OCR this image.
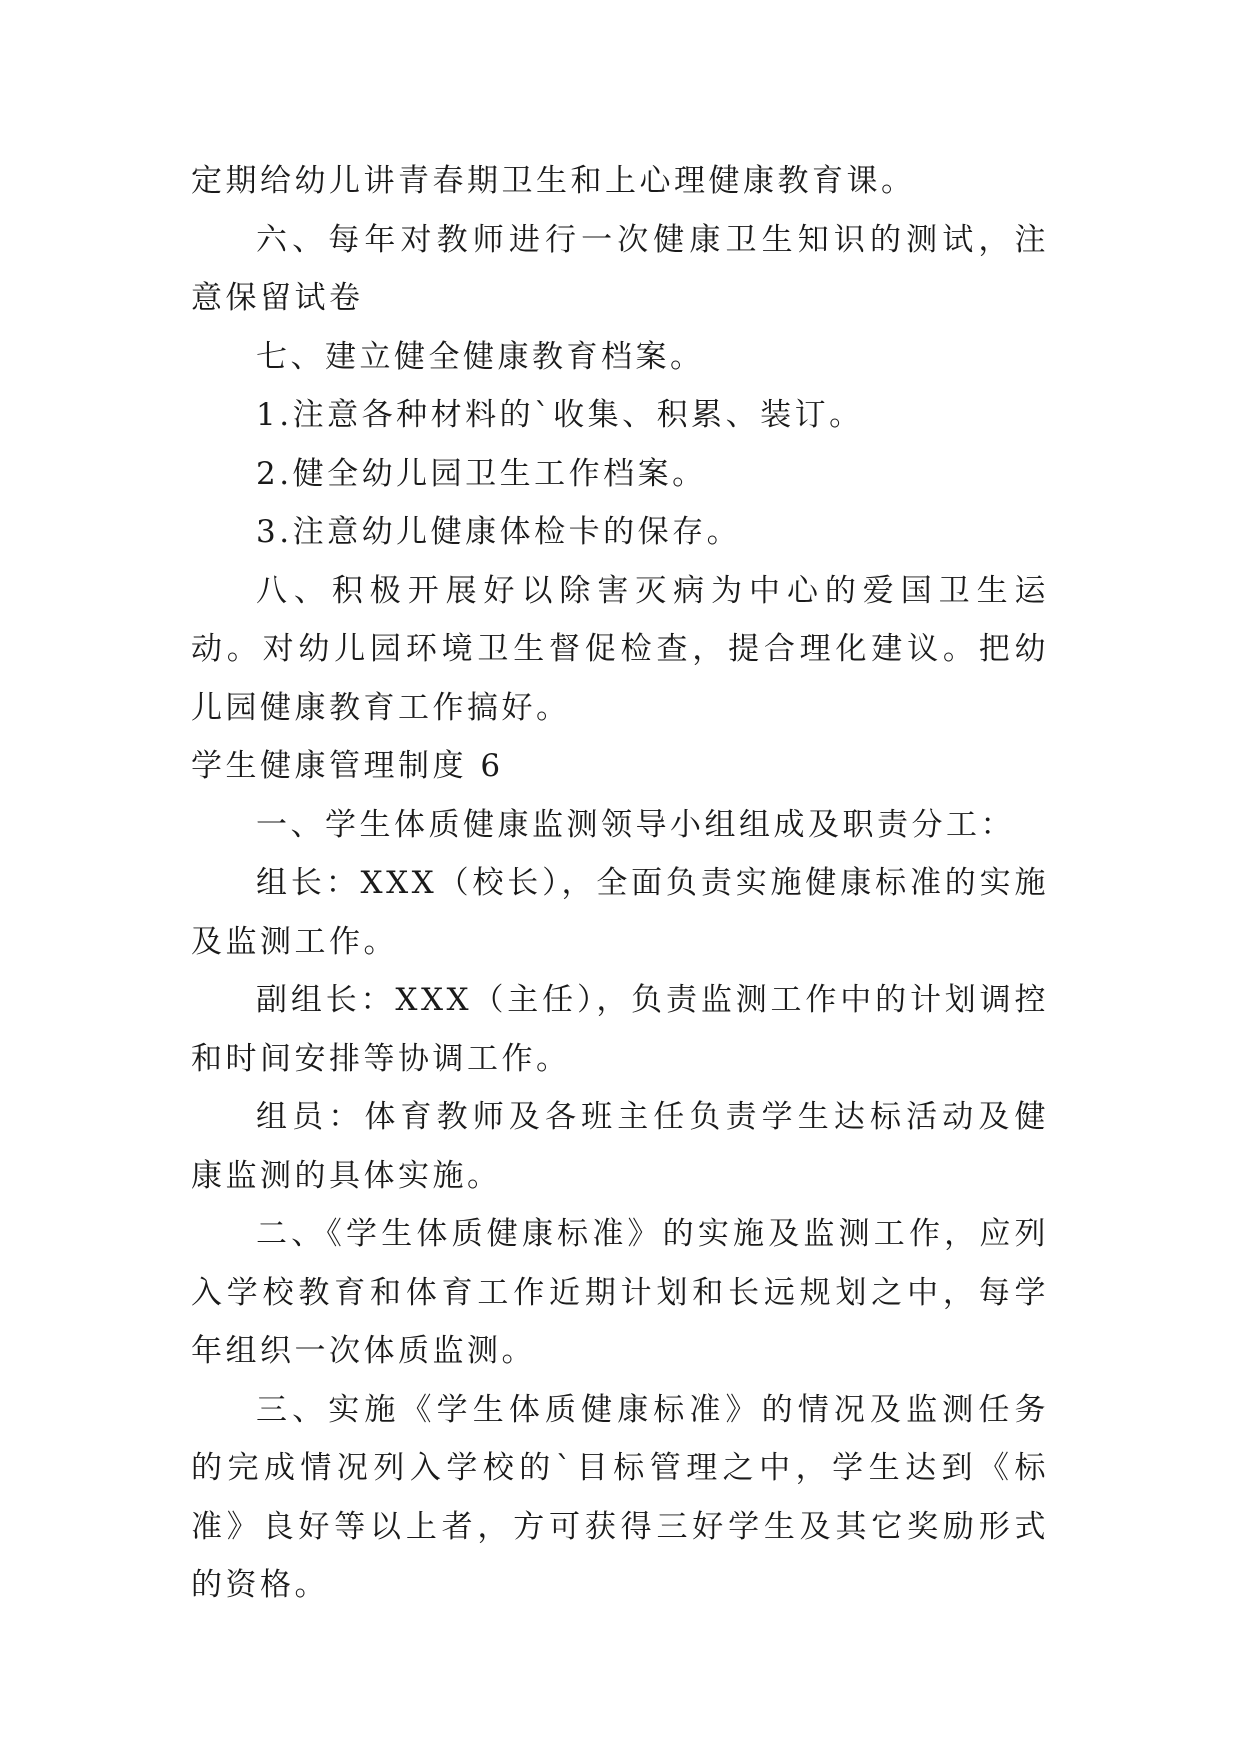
定期给幼儿讲青春期卫生和上心理健康教育课。

六、每年对教师进行一次健康卫生知识的测试，注意保留试卷

七、建立健全健康教育档案。

1.注意各种材料的`收集、积累、装订。

2.健全幼儿园卫生工作档案。

3.注意幼儿健康体检卡的保存。

八、积极开展好以除害灭病为中心的爱国卫生运动。对幼儿园环境卫生督促检查，提合理化建议。把幼儿园健康教育工作搞好。

学生健康管理制度 6

一、学生体质健康监测领导小组组成及职责分工：

组长：XXX（校长），全面负责实施健康标准的实施及监测工作。

副组长：XXX（主任），负责监测工作中的计划调控和时间安排等协调工作。

组员：体育教师及各班主任负责学生达标活动及健康监测的具体实施。

二、《学生体质健康标准》的实施及监测工作，应列入学校教育和体育工作近期计划和长远规划之中，每学年组织一次体质监测。

三、实施《学生体质健康标准》的情况及监测任务的完成情况列入学校的`目标管理之中，学生达到《标准》良好等以上者，方可获得三好学生及其它奖励形式的资格。
